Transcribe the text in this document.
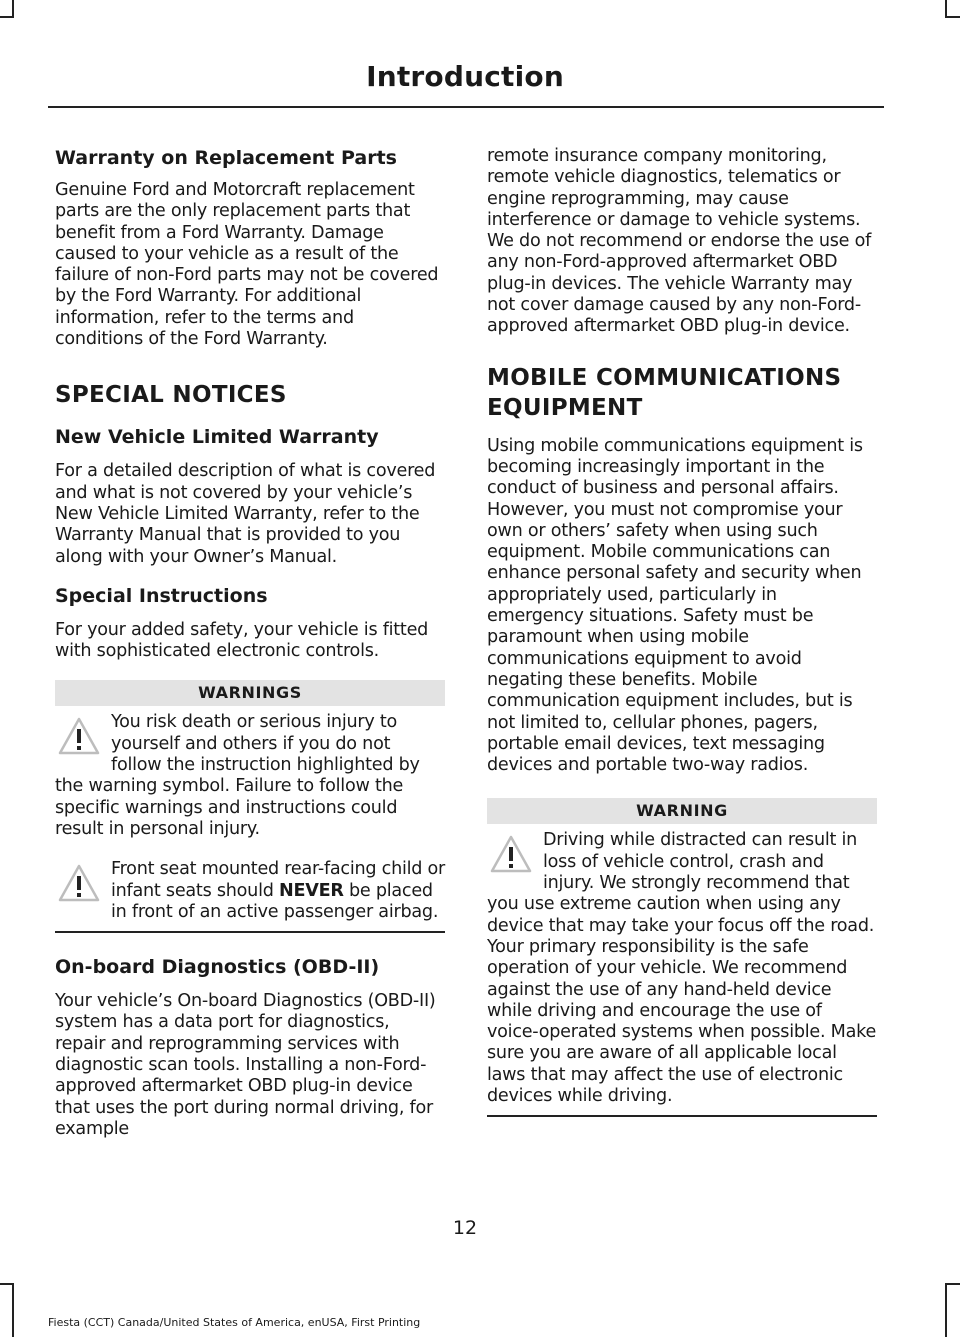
Introduction
Warranty on Replacement Parts

Genuine Ford and Motorcraft replacement parts are the only replacement parts that benefit from a Ford Warranty. Damage caused to your vehicle as a result of the failure of non-Ford parts may not be covered by the Ford Warranty. For additional information, refer to the terms and conditions of the Ford Warranty.

SPECIAL NOTICES
New Vehicle Limited Warranty

For a detailed description of what is covered and what is not covered by your vehicle’s New Vehicle Limited Warranty, refer to the Warranty Manual that is provided to you along with your Owner’s Manual.

Special Instructions

For your added safety, your vehicle is fitted with sophisticated electronic controls.

WARNINGS

You risk death or serious injury to yourself and others if you do not follow the instruction highlighted by the warning symbol. Failure to follow the specific warnings and instructions could result in personal injury.

Front seat mounted rear-facing child or infant seats should NEVER be placed in front of an active passenger airbag.

On-board Diagnostics (OBD-II)

Your vehicle’s On-board Diagnostics (OBD-II) system has a data port for diagnostics, repair and reprogramming services with diagnostic scan tools. Installing a non-Ford-approved aftermarket OBD plug-in device that uses the port during normal driving, for example

remote insurance company monitoring, remote vehicle diagnostics, telematics or engine reprogramming, may cause interference or damage to vehicle systems. We do not recommend or endorse the use of any non-Ford-approved aftermarket OBD plug-in devices. The vehicle Warranty may not cover damage caused by any non-Ford-approved aftermarket OBD plug-in device.

MOBILE COMMUNICATIONS
EQUIPMENT

Using mobile communications equipment is becoming increasingly important in the conduct of business and personal affairs. However, you must not compromise your own or others’ safety when using such equipment. Mobile communications can enhance personal safety and security when appropriately used, particularly in emergency situations. Safety must be paramount when using mobile communications equipment to avoid negating these benefits. Mobile communication equipment includes, but is not limited to, cellular phones, pagers, portable email devices, text messaging devices and portable two-way radios.

WARNING

Driving while distracted can result in loss of vehicle control, crash and injury. We strongly recommend that you use extreme caution when using any device that may take your focus off the road. Your primary responsibility is the safe operation of your vehicle. We recommend against the use of any hand-held device while driving and encourage the use of voice-operated systems when possible. Make sure you are aware of all applicable local laws that may affect the use of electronic devices while driving.

12

Fiesta (CCT) Canada/United States of America, enUSA, First Printing
